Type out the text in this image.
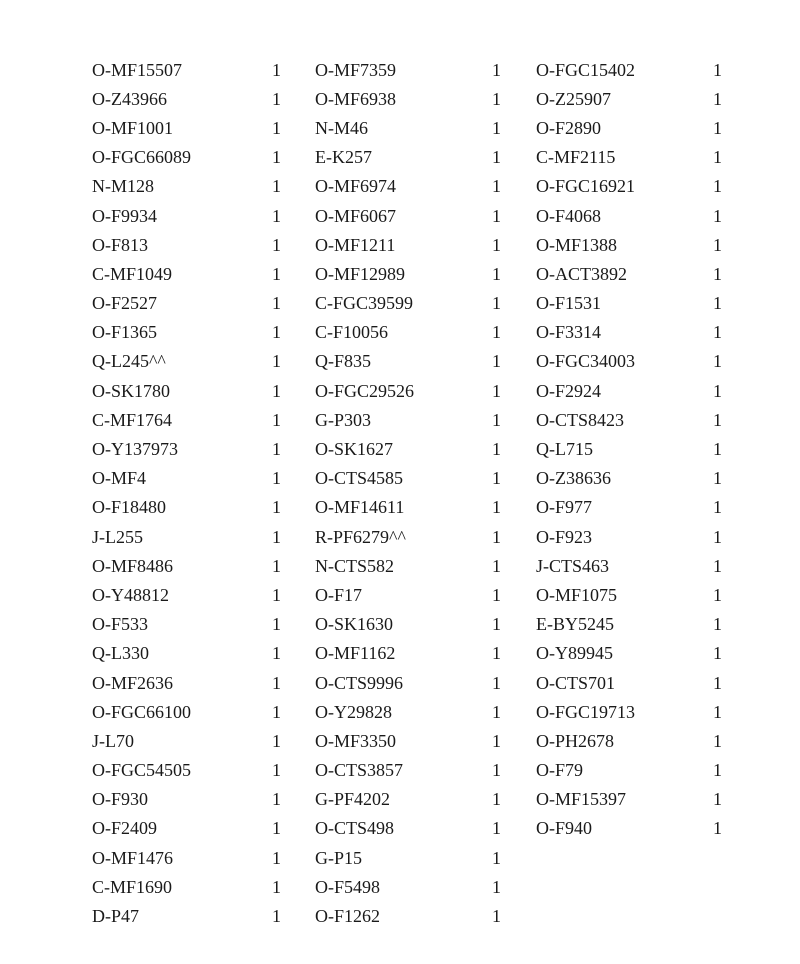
O-MF15507	1
O-Z43966	1
O-MF1001	1
O-FGC66089	1
N-M128	1
O-F9934	1
O-F813	1
C-MF1049	1
O-F2527	1
O-F1365	1
Q-L245^^	1
O-SK1780	1
C-MF1764	1
O-Y137973	1
O-MF4	1
O-F18480	1
J-L255	1
O-MF8486	1
O-Y48812	1
O-F533	1
Q-L330	1
O-MF2636	1
O-FGC66100	1
J-L70	1
O-FGC54505	1
O-F930	1
O-F2409	1
O-MF1476	1
C-MF1690	1
D-P47	1
O-MF7359	1
O-MF6938	1
N-M46	1
E-K257	1
O-MF6974	1
O-MF6067	1
O-MF1211	1
O-MF12989	1
C-FGC39599	1
C-F10056	1
Q-F835	1
O-FGC29526	1
G-P303	1
O-SK1627	1
O-CTS4585	1
O-MF14611	1
R-PF6279^^	1
N-CTS582	1
O-F17	1
O-SK1630	1
O-MF1162	1
O-CTS9996	1
O-Y29828	1
O-MF3350	1
O-CTS3857	1
G-PF4202	1
O-CTS498	1
G-P15	1
O-F5498	1
O-F1262	1
O-FGC15402	1
O-Z25907	1
O-F2890	1
C-MF2115	1
O-FGC16921	1
O-F4068	1
O-MF1388	1
O-ACT3892	1
O-F1531	1
O-F3314	1
O-FGC34003	1
O-F2924	1
O-CTS8423	1
Q-L715	1
O-Z38636	1
O-F977	1
O-F923	1
J-CTS463	1
O-MF1075	1
E-BY5245	1
O-Y89945	1
O-CTS701	1
O-FGC19713	1
O-PH2678	1
O-F79	1
O-MF15397	1
O-F940	1
